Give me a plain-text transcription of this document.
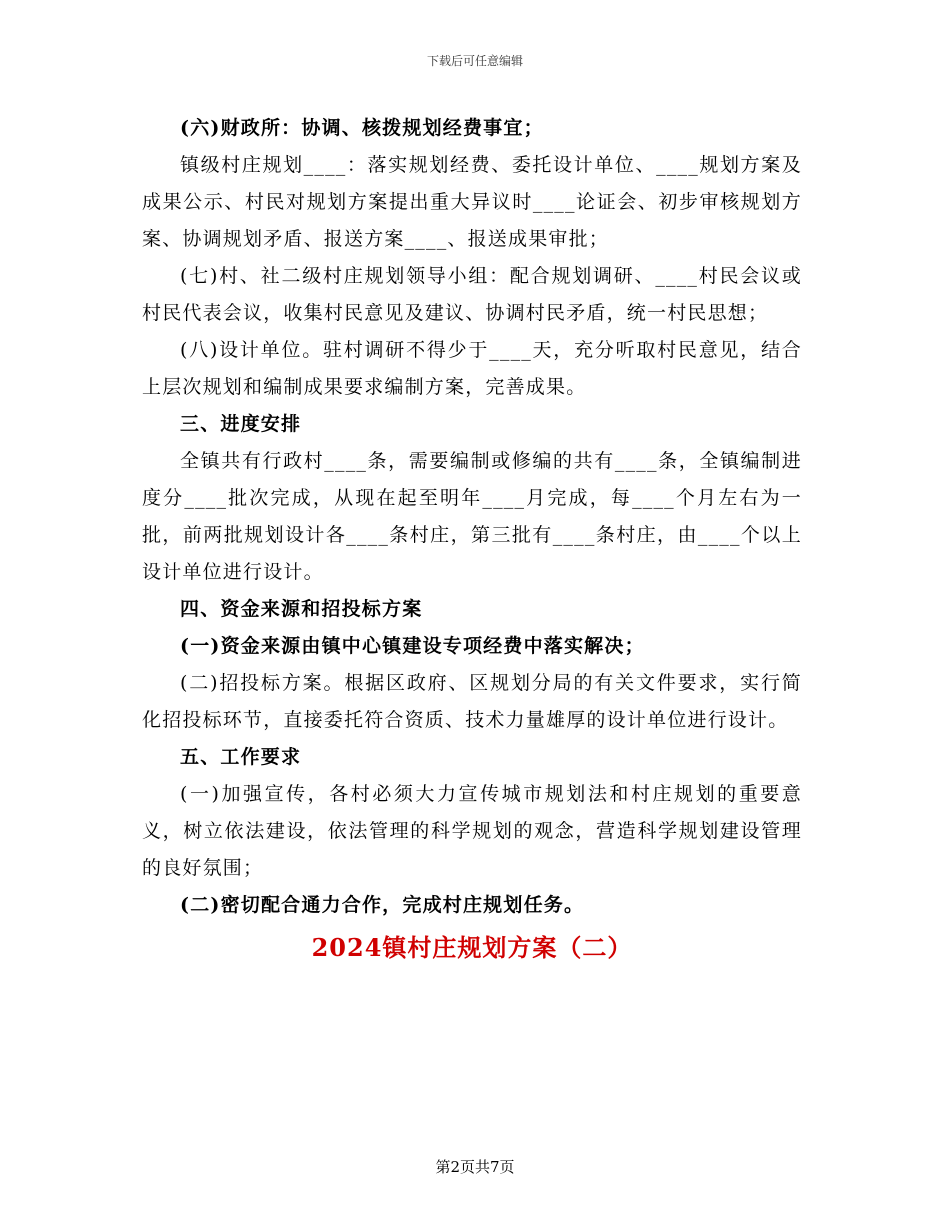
下载后可任意编辑

(六)财政所：协调、核拨规划经费事宜；

镇级村庄规划____：落实规划经费、委托设计单位、____规划方案及成果公示、村民对规划方案提出重大异议时____论证会、初步审核规划方案、协调规划矛盾、报送方案____、报送成果审批；

(七)村、社二级村庄规划领导小组：配合规划调研、____村民会议或村民代表会议，收集村民意见及建议、协调村民矛盾，统一村民思想；

(八)设计单位。驻村调研不得少于____天，充分听取村民意见，结合上层次规划和编制成果要求编制方案，完善成果。

三、进度安排

全镇共有行政村____条，需要编制或修编的共有____条，全镇编制进度分____批次完成，从现在起至明年____月完成，每____个月左右为一批，前两批规划设计各____条村庄，第三批有____条村庄，由____个以上设计单位进行设计。

四、资金来源和招投标方案

(一)资金来源由镇中心镇建设专项经费中落实解决；

(二)招投标方案。根据区政府、区规划分局的有关文件要求，实行简化招投标环节，直接委托符合资质、技术力量雄厚的设计单位进行设计。

五、工作要求

(一)加强宣传，各村必须大力宣传城市规划法和村庄规划的重要意义，树立依法建设，依法管理的科学规划的观念，营造科学规划建设管理的良好氛围；

(二)密切配合通力合作，完成村庄规划任务。

2024镇村庄规划方案（二）

第2页共7页
